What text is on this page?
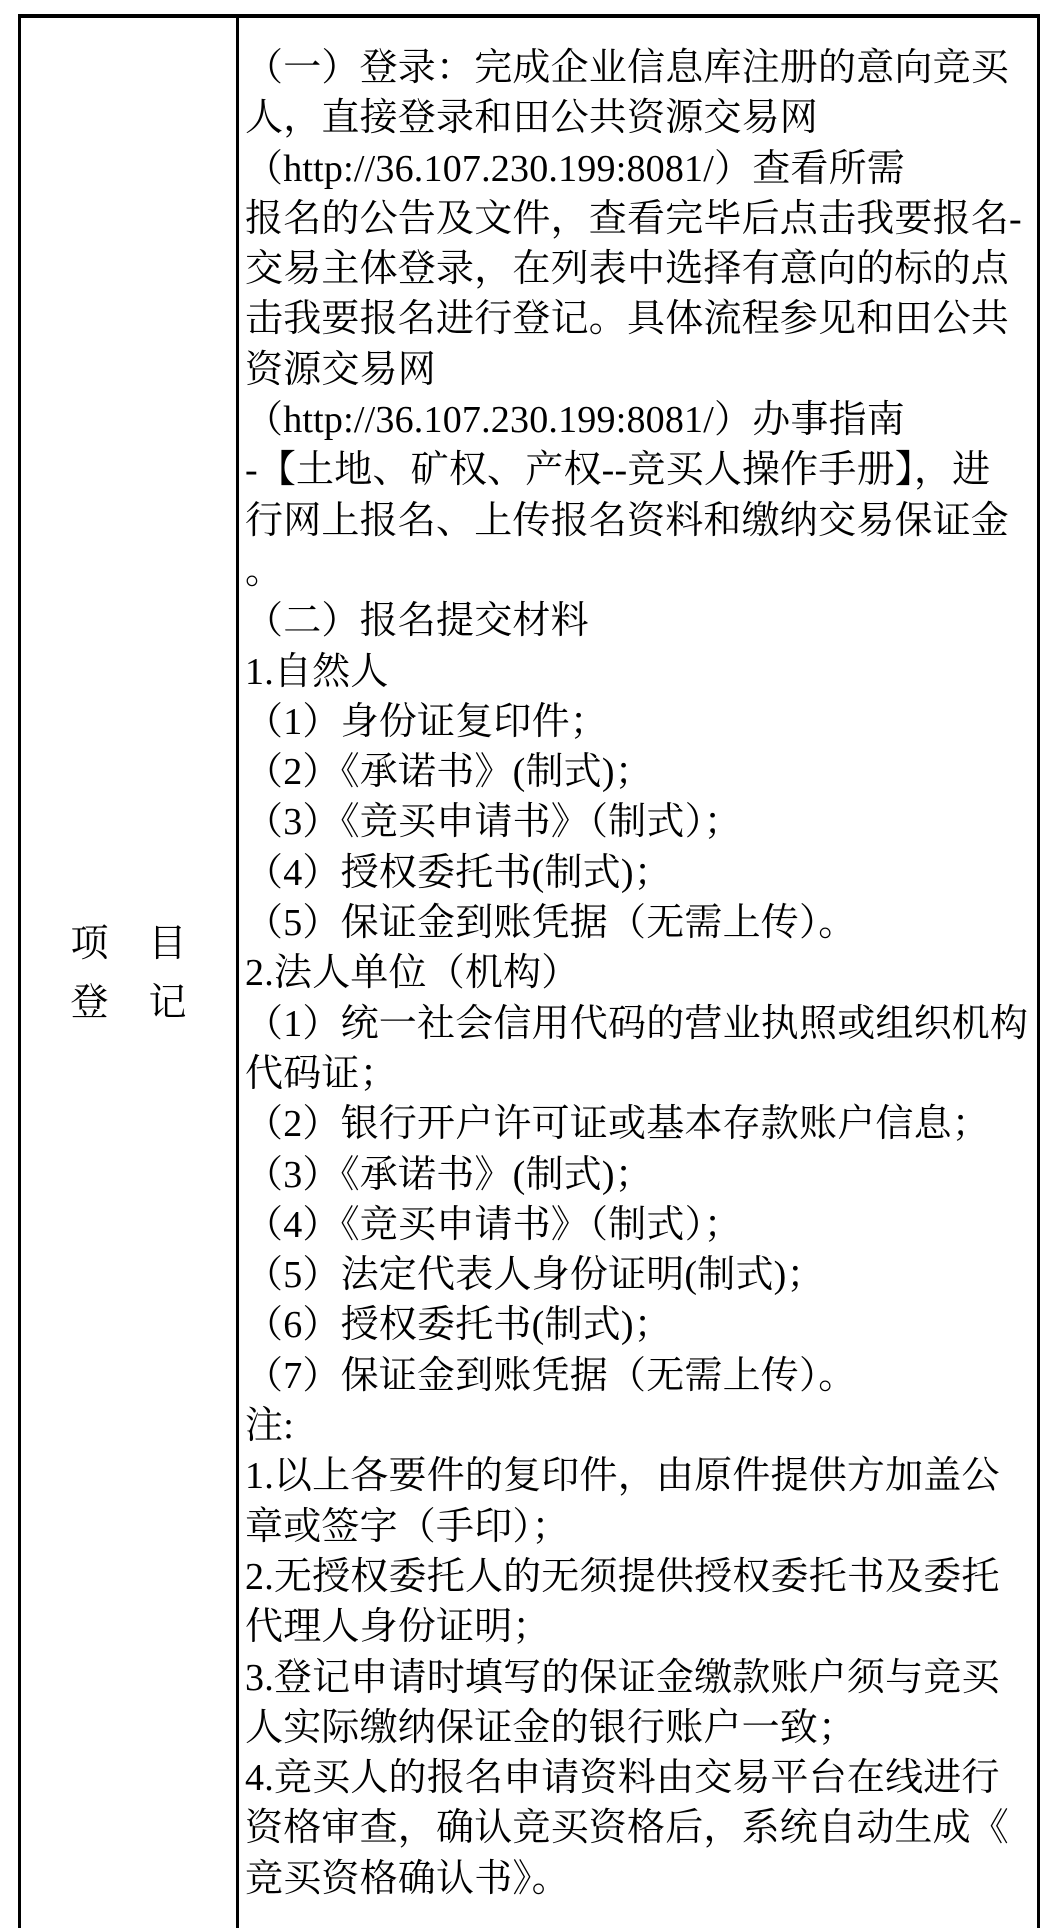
项 目
登 记
（一）登录：完成企业信息库注册的意向竞买
人，直接登录和田公共资源交易网
（http://36.107.230.199:8081/）查看所需
报名的公告及文件，查看完毕后点击我要报名-
交易主体登录，在列表中选择有意向的标的点
击我要报名进行登记。具体流程参见和田公共
资源交易网
（http://36.107.230.199:8081/）办事指南
-【土地、矿权、产权--竞买人操作手册】，进
行网上报名、上传报名资料和缴纳交易保证金
。
（二）报名提交材料
1.自然人
（1）身份证复印件；
（2）《承诺书》(制式)；
（3）《竞买申请书》（制式）；
（4）授权委托书(制式)；
（5）保证金到账凭据（无需上传）。
2.法人单位（机构）
（1）统一社会信用代码的营业执照或组织机构
代码证；
（2）银行开户许可证或基本存款账户信息；
（3）《承诺书》(制式)；
（4）《竞买申请书》（制式）；
（5）法定代表人身份证明(制式)；
（6）授权委托书(制式)；
（7）保证金到账凭据（无需上传）。
注:
1.以上各要件的复印件，由原件提供方加盖公
章或签字（手印）；
2.无授权委托人的无须提供授权委托书及委托
代理人身份证明；
3.登记申请时填写的保证金缴款账户须与竞买
人实际缴纳保证金的银行账户一致；
4.竞买人的报名申请资料由交易平台在线进行
资格审查，确认竞买资格后，系统自动生成《
竞买资格确认书》。
